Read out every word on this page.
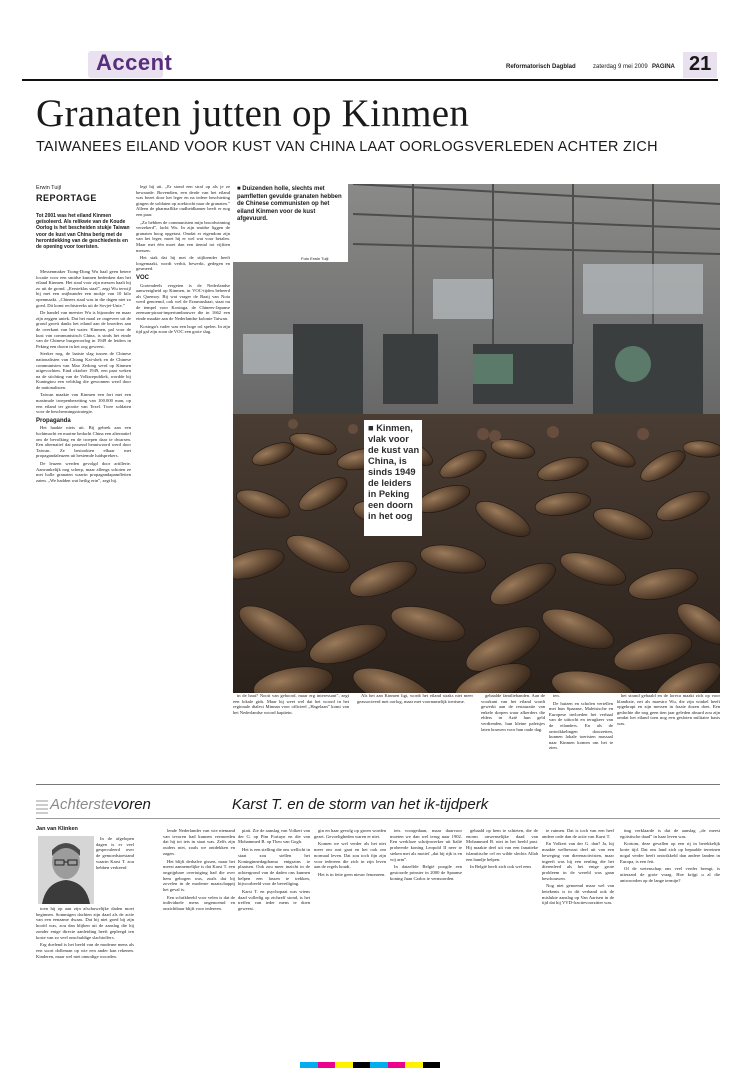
Accent	Reformatorisch Dagblad	zaterdag 9 mei 2009 PAGINA 21
Granaten jutten op Kinmen
TAIWANEES EILAND VOOR KUST VAN CHINA LAAT OORLOGSVERLEDEN ACHTER ZICH
Erwin Tuijl
REPORTAGE
Tot 2001 was het eiland Kinmen geïsoleerd. Als relikwie van de Koude Oorlog is het bescheiden stukje Taiwan voor de kust van China berig met de herontdekking van de geschiedenis en de opening voor toeristen.

Messenmaker Tsong-Dong Wu haal geen betere locatie voor een smidse kunnen bedenken dan het eiland Kinmen. Het staal voor zijn messen haalt hij zo uit de grond. „Eersteklas staal”, zegt Wu terwijl hij met een snijbrander een mokje van 10 kilo openmaakt. „Chinees staal was in die dagen niet zo goed. Dit komt rechtstreeks uit de Sovjet-Unie.”

De handel van meester Wu is bijzonder en maar zijn zeggen uniek. Dat het maal ze ongeveer uit de grond groeit danks het eiland aan de broeders aan de overkant van het water. Kinmen, pal voor de kust van communistisch China, is sinds het einde van de Chinese burgeroorlog in 1949 de leiders in Peking een doorn in het oog geweest.

Sterker nog, de laatste slag tussen de Chinese nationalisten van Chiang Kai-shek en de Chinese communisten van Mao Zedong werd op Kinmen uitgevochten. Eind oktober 1949, een paar weken na de stichting van de Volksrepubliek, wordde bij Kuningtou een veldslag die gewonnen werd door de nationalisten.

Taiwan maakte van Kinmen een fort met een maximale troepenbezetting van 100.000 man, op een eiland ter grootte van Texel. Twee soldaten voor de beschermingsstrategie.

Propaganda

Het haakte niets uit. Bij gebrek aan een luchtmacht en marine bedacht China een alternatief om de bevolking en de troepen daar te dwarsen. Een alternatief dat passend beantwoord werd door Taiwan. Ze bestookten elkaar met propagandaleuzen uit bestemde luidsprekers.

De leuzen werden gevolgd door artillerie. Aanvankelijk nog scherp, maar allengs schoten ze met holle granaten waarin propagandapamfletten zaten. „We hadden wat heilig erin”, zegt hij.

legt hij uit. „Er stond een straf op als je ze bewaarde. Bovendien, een derde van het eiland was bezet door het leger en na iedere beschieting gingen de soldaten op zoektocht naar de granaten.” Alleen de pharmaflike oudheidkamer heeft er nog een paar.

„Zo hebben de communisten mijn broodwinning verzekerd”, lacht Wu. In zijn smidse liggen de granaten hoog opgetast. Omdat er eigendom zijn van het leger, moet hij er wel wat voor betalen. Maar met één moet dan een tiental tot vijftien messen.

Het stak dat hij met de stijltrender heeft losgemaakt, wordt verhit, bewerkt, gedegen en gesmeed.

VOC

Grotendeels vergeten is de Nederlandse aanwezigheid op Kinmen, in VOC-tijden beheerd als Quemoy. Bij wat vrager de Baaij van Nota werd genoemd, ook wel de Erasmusbaai, staat nu de tempel voor Koxinga, de Chinees-Japanse zeeman-piraat-imperiumbouwer die in 1662 een einde maakte aan de Nederlandse kolonie Taiwan.

Koxinga's vader was een hoge rol spelen. In zijn tijd gaf zijn zoon de VOC een grote slag.

■ Duizenden holle, slechts met pamfletten gevulde granaten hebben de Chinese communisten op het eiland Kinmen voor de kust afgevuurd.
Foto Erwin Tuijl
■ Kinmen, vlak voor de kust van China, is sinds 1949 de leiders in Peking een doorn in het oog

in de baai? Nooit van gehoord, maar erg interessant”, zegt een lokale gids. Maar hij weet wel dat het woord in het regionale dialect Minnan voor officieel „Hagelaan” komt van het Nederlandse woord kapitein.

Als het aan Kinmen ligt, wordt het eiland straks niet meer geassocieerd met oorlog, maar met voornamelijk toerisme.

gebaalde familiebanden. Aan de voorkant van het eiland wordt gewerkt aan de restauratie van enkele dorpen waar afkerders die elders in Azië hun geld verdienden, hun kleine paleisjes laten bouwen voor hun oude dag.

ten.

De huizen en scholen vertellen met hun Spaanse, Maleisische en Europese invloeden het verhaal van de uittocht en terugkeer van de eilanders. En als de ontwikkelingen doorzetten, kunnen lokale toeristen massaal naar Kinmen komen om het te zien.

het strand gehaald en de loreca maakt zich op voor klandizie, net als maestro Wu, die zijn winkel heeft opgekrapt en zijn messen in fraaie dozen doet. Een gedachte die nog geen tien jaar geleden absurd zou zijn omdat het eiland toen nog een gesloten militaire basis was.

Achterstevoren	Karst T. en de storm van het ik-tijdperk
Jan van Klinken

In de afgelopen dagen is er veel gespeculeerd over de gemoedstoestand waarin Karst T. zou hebben verkeerd

toen hij op aan zijn afschuwelijke daden moet beginnen. Sommigen dachten zijn daad als de actie van een eenzame dwaas. Dat hij niet goed bij zijn hoofd was, zou dan blijken uit de aanslag die hij zonder enige directe aanleiding heeft gepleegd ten koste van zo veel onschuldige slachtoffers.

Erg doelend is het beeld van de moderne mens als een soort dolleman op wie een ander kan rekenen. Kinderen, maar wel met onnodige woorden.

lende Nederlander van wie niemand van tevoren had kunnen vermoeden dat hij tot iets in staat was. Zelfs zijn ouders niet, zoals we ontdekken en zagen.

Het blijft derhalve gissen, maar het meest aannemelijke is dat Karst T. een ongrijpbare overtuiging had die over hem gebogen was, zoals dat bij zovelen in de moderne maatschappij het geval is.

Een schrikbeeld voor velen is dat de individuele mens ongenoemd en onzichtbaar blijft voor iedereen.

piatt. Zie de aanslag van Volkert van der G. op Pim Fortuyn en die van Mohammed B. op Theo van Gogh.

Het is een stelling die ons wellicht in staat zou stellen het Koninginnedagdrama enigszins te plaatsen. Ook zou meer inzicht in de achtergrond van de daden ons kunnen helpen een lassen te trekken, bijvoorbeeld voor de beveiliging.

Karst T. en psychopaat was wiens daad volledig op zichzelf stond, is het treffen van ieder mens te doen geweest.

gin en haar gevolg op groen worden gezet. Gevoeligheden waren er niet.

Komen we wel verder als het niet meer om rust gaat en het ook om normaal leven. Dat zou toch fijn zijn voor iedereen die zich in zijn leven aan de regels houdt.

Het is in feite geen nieuw fenomeen.

iets voorgedaan, maar daarvoor moeten we dan wel terug naar 1902. Een werkloze schrijnwerker uit Italië probeerde koning Leopold II neer te steken met als motief „dat hij rijk is en wij arm”.

In datzelfde België poogde een gestoorde prinsier in 2000 de Spaanse koning Juan Carlos te vermoorden.

gebaald op hem te schieten, die de enorm onwenselijke daad van Mohammed B. niet in het beeld past. Hij maakte deel uit van een fanatieke islamitische cel en wilde slechts Allah een handje helpen.

In België heeft zich ook wel eens

te ruimen. Dat is toch van een heel andere orde dan de actie van Karst T.

En Volkert van der G. dan? Ja, hij maakte welbewust deel uit van een beweging van dierenactivisten, maar ingeeft was hij een eenling die het dierenleed als het enige grote probleem in de wereld was gaan beschouwen.

Nog niet genoemd maar wel van betekenis is in dit verband ook de mislukte aanslag op Van Aartsen in de tijd dat hij VVD-fractievoorzitter was.

ting verklaarde is dat de aanslag „de meest egoïstische daad” in haar leven was.

Kortom, deze gevallen op een rij in berekkelijk korte tijd. Dat ons land zich op bepaalde terreinen nogal verder heeft ontwikkeld dan andere landen in Europa, is een feit.

Of de wetenschap ons veel verder brengt, is uiteraard de grote vraag. Hoe krijgt u al die antwoorden op de lange termijn?
